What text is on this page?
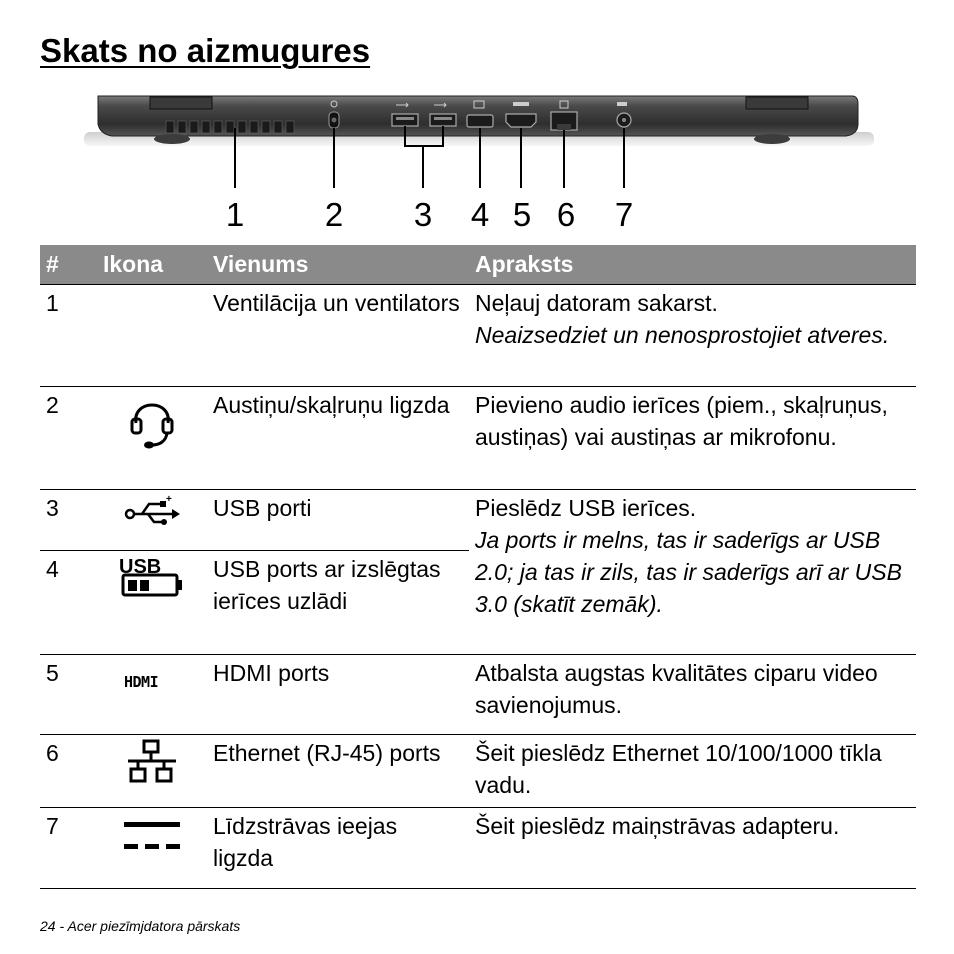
Skats no aizmugures
1 2 3 4 5 6 7
#	Ikona	Vienums	Apraksts
1		Ventilācija un ventilators	Neļauj datoram sakarst.
Neaizsedziet un nenosprostojiet atveres.

2		Austiņu/skaļruņu ligzda	Pievieno audio ierīces (piem., skaļruņus, austiņas) vai austiņas ar mikrofonu.
3	+	USB porti	Pieslēdz USB ierīces.
Ja ports ir melns, tas ir saderīgs ar USB 2.0; ja tas ir zils, tas ir saderīgs arī ar USB 3.0 (skatīt zemāk).

4	USB	USB ports ar izslēgtas ierīces uzlādi	
5	HDMI	HDMI ports	Atbalsta augstas kvalitātes ciparu video savienojumus.
6		Ethernet (RJ-45) ports	Šeit pieslēdz Ethernet 10/100/1000 tīkla vadu.
7		Līdzstrāvas ieejas ligzda	Šeit pieslēdz maiņstrāvas adapteru.
24 - Acer piezīmjdatora pārskats
